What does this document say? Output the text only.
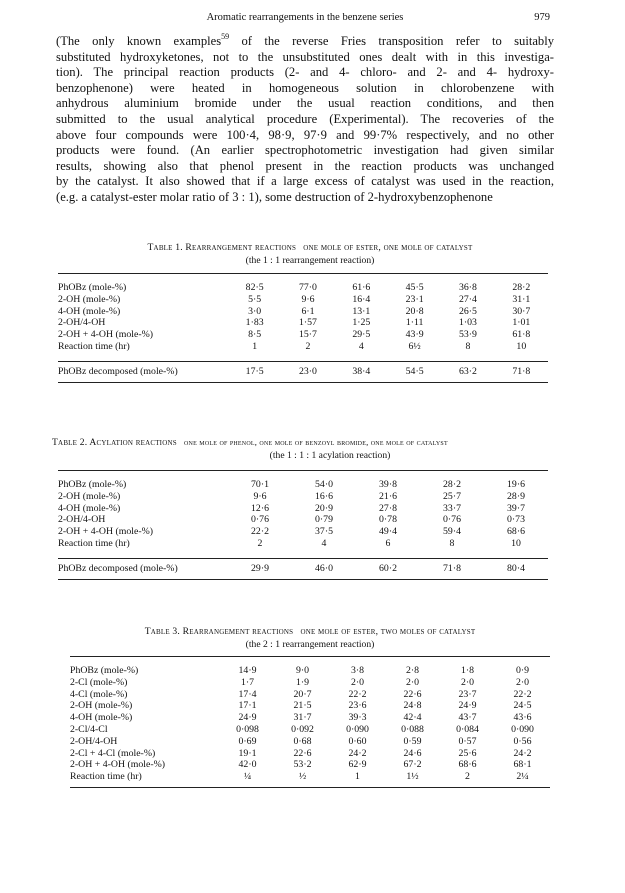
Aromatic rearrangements in the benzene series	979
(The only known examples$^{59}$ of the reverse Fries transposition refer to suitably
substituted hydroxyketones, not to the unsubstituted ones dealt with in this investiga-
tion). The principal reaction products (2- and 4- chloro- and 2- and 4- hydroxy-
benzophenone) were heated in homogeneous solution in chlorobenzene with
anhydrous aluminium bromide under the usual reaction conditions, and then
submitted to the usual analytical procedure (Experimental). The recoveries of the
above four compounds were 100·4, 98·9, 97·9 and 99·7% respectively, and no other
products were found. (An earlier spectrophotometric investigation had given similar
results, showing also that phenol present in the reaction products was unchanged
by the catalyst. It also showed that if a large excess of catalyst was used in the reaction,
(e.g. a catalyst-ester molar ratio of 3 : 1), some destruction of 2-hydroxybenzophenone
Table 1. Rearrangement reactions one mole of ester, one mole of catalyst
(the 1 : 1 rearrangement reaction)

PhOBz (mole-%)	82·5	77·0	61·6	45·5	36·8	28·2
2-OH (mole-%)	5·5	9·6	16·4	23·1	27·4	31·1
4-OH (mole-%)	3·0	6·1	13·1	20·8	26·5	30·7
2-OH/4-OH	1·83	1·57	1·25	1·11	1·03	1·01
2-OH + 4-OH (mole-%)	8·5	15·7	29·5	43·9	53·9	61·8
Reaction time (hr)	1	2	4	6½	8	10

PhOBz decomposed (mole-%)	17·5	23·0	38·4	54·5	63·2	71·8
Table 2. Acylation reactions one mole of phenol, one mole of benzoyl bromide, one mole of catalyst
(the 1 : 1 : 1 acylation reaction)

PhOBz (mole-%)	70·1	54·0	39·8	28·2	19·6
2-OH (mole-%)	9·6	16·6	21·6	25·7	28·9
4-OH (mole-%)	12·6	20·9	27·8	33·7	39·7
2-OH/4-OH	0·76	0·79	0·78	0·76	0·73
2-OH + 4-OH (mole-%)	22·2	37·5	49·4	59·4	68·6
Reaction time (hr)	2	4	6	8	10

PhOBz decomposed (mole-%)	29·9	46·0	60·2	71·8	80·4
Table 3. Rearrangement reactions one mole of ester, two moles of catalyst
(the 2 : 1 rearrangement reaction)

PhOBz (mole-%)	14·9	9·0	3·8	2·8	1·8	0·9
2-Cl (mole-%)	1·7	1·9	2·0	2·0	2·0	2·0
4-Cl (mole-%)	17·4	20·7	22·2	22·6	23·7	22·2
2-OH (mole-%)	17·1	21·5	23·6	24·8	24·9	24·5
4-OH (mole-%)	24·9	31·7	39·3	42·4	43·7	43·6
2-Cl/4-Cl	0·098	0·092	0·090	0·088	0·084	0·090
2-OH/4-OH	0·69	0·68	0·60	0·59	0·57	0·56
2-Cl + 4-Cl (mole-%)	19·1	22·6	24·2	24·6	25·6	24·2
2-OH + 4-OH (mole-%)	42·0	53·2	62·9	67·2	68·6	68·1
Reaction time (hr)	¼	½	1	1½	2	2¼
